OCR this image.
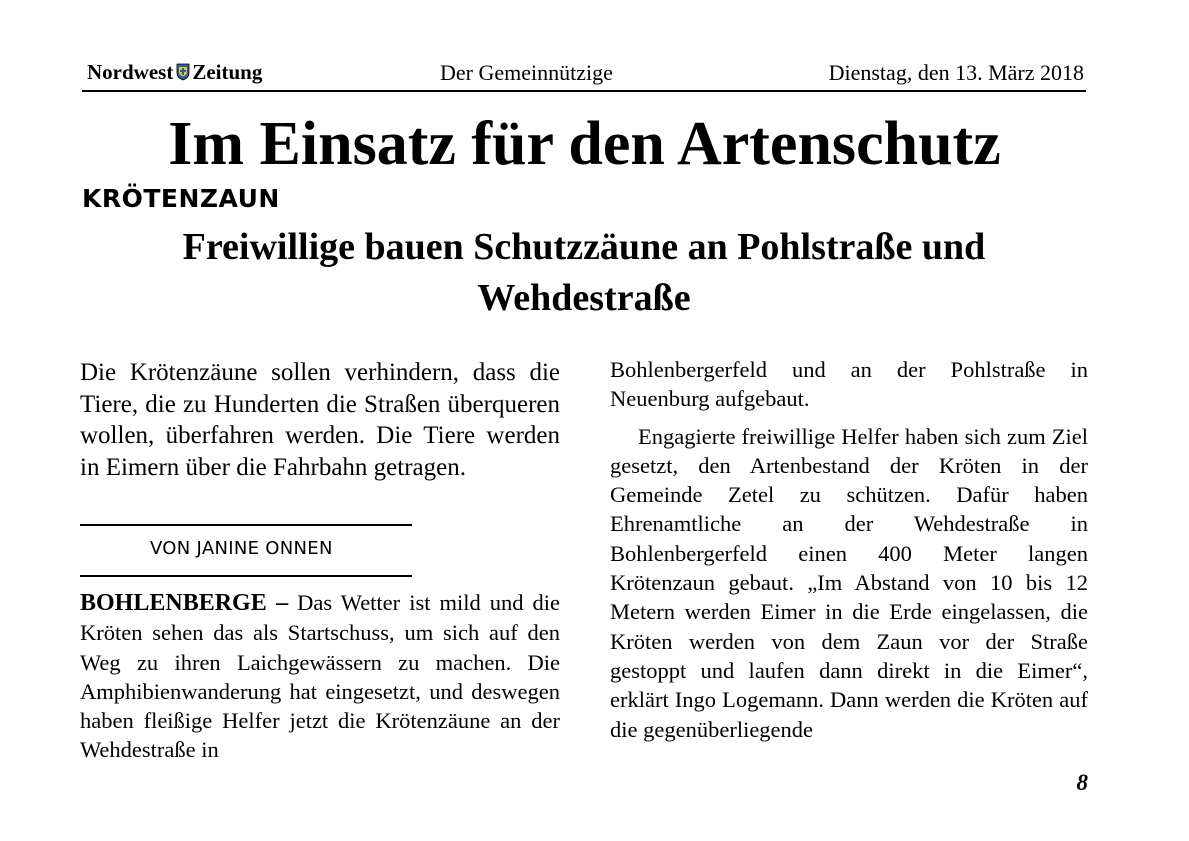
Nordwest Zeitung	Der Gemeinnützige	Dienstag, den 13. März 2018
Im Einsatz für den Artenschutz
KRÖTENZAUN
Freiwillige bauen Schutzzäune an Pohlstraße und Wehdestraße

Die Krötenzäune sollen verhindern, dass die Tiere, die zu Hunderten die Straßen überqueren wollen, überfahren werden. Die Tiere werden in Eimern über die Fahrbahn getragen.

VON JANINE ONNEN

BOHLENBERGE – Das Wetter ist mild und die Kröten sehen das als Startschuss, um sich auf den Weg zu ihren Laichgewässern zu machen. Die Amphibienwanderung hat eingesetzt, und deswegen haben fleißige Helfer jetzt die Krötenzäune an der Wehdestraße in

Bohlenbergerfeld und an der Pohlstraße in Neuenburg aufgebaut.

Engagierte freiwillige Helfer haben sich zum Ziel gesetzt, den Artenbestand der Kröten in der Gemeinde Zetel zu schützen. Dafür haben Ehrenamtliche an der Wehdestraße in Bohlenbergerfeld einen 400 Meter langen Krötenzaun gebaut. „Im Abstand von 10 bis 12 Metern werden Eimer in die Erde eingelassen, die Kröten werden von dem Zaun vor der Straße gestoppt und laufen dann direkt in die Eimer“, erklärt Ingo Logemann. Dann werden die Kröten auf die gegenüberliegende

8
